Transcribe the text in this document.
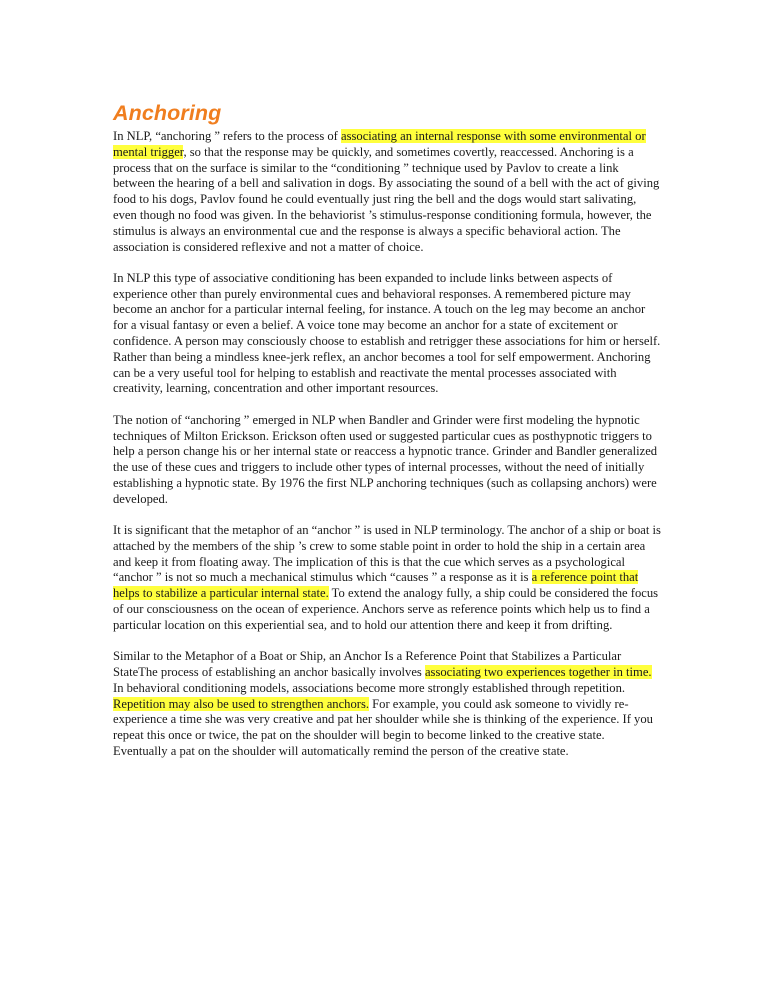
Anchoring

In NLP, “anchoring ” refers to the process of associating an internal response with some environmental or mental trigger, so that the response may be quickly, and sometimes covertly, reaccessed. Anchoring is a process that on the surface is similar to the “conditioning ” technique used by Pavlov to create a link between the hearing of a bell and salivation in dogs. By associating the sound of a bell with the act of giving food to his dogs, Pavlov found he could eventually just ring the bell and the dogs would start salivating, even though no food was given. In the behaviorist ’s stimulus-response conditioning formula, however, the stimulus is always an environmental cue and the response is always a specific behavioral action. The association is considered reflexive and not a matter of choice.

In NLP this type of associative conditioning has been expanded to include links between aspects of experience other than purely environmental cues and behavioral responses. A remembered picture may become an anchor for a particular internal feeling, for instance. A touch on the leg may become an anchor for a visual fantasy or even a belief. A voice tone may become an anchor for a state of excitement or confidence. A person may consciously choose to establish and retrigger these associations for him or herself. Rather than being a mindless knee-jerk reflex, an anchor becomes a tool for self empowerment. Anchoring can be a very useful tool for helping to establish and reactivate the mental processes associated with creativity, learning, concentration and other important resources.

The notion of “anchoring ” emerged in NLP when Bandler and Grinder were first modeling the hypnotic techniques of Milton Erickson. Erickson often used or suggested particular cues as posthypnotic triggers to help a person change his or her internal state or reaccess a hypnotic trance. Grinder and Bandler generalized the use of these cues and triggers to include other types of internal processes, without the need of initially establishing a hypnotic state. By 1976 the first NLP anchoring techniques (such as collapsing anchors) were developed.

It is significant that the metaphor of an “anchor ” is used in NLP terminology. The anchor of a ship or boat is attached by the members of the ship ’s crew to some stable point in order to hold the ship in a certain area and keep it from floating away. The implication of this is that the cue which serves as a psychological “anchor ” is not so much a mechanical stimulus which “causes ” a response as it is a reference point that helps to stabilize a particular internal state. To extend the analogy fully, a ship could be considered the focus of our consciousness on the ocean of experience. Anchors serve as reference points which help us to find a particular location on this experiential sea, and to hold our attention there and keep it from drifting.

Similar to the Metaphor of a Boat or Ship, an Anchor Is a Reference Point that Stabilizes a Particular StateThe process of establishing an anchor basically involves associating two experiences together in time. In behavioral conditioning models, associations become more strongly established through repetition. Repetition may also be used to strengthen anchors. For example, you could ask someone to vividly re-experience a time she was very creative and pat her shoulder while she is thinking of the experience. If you repeat this once or twice, the pat on the shoulder will begin to become linked to the creative state. Eventually a pat on the shoulder will automatically remind the person of the creative state.
